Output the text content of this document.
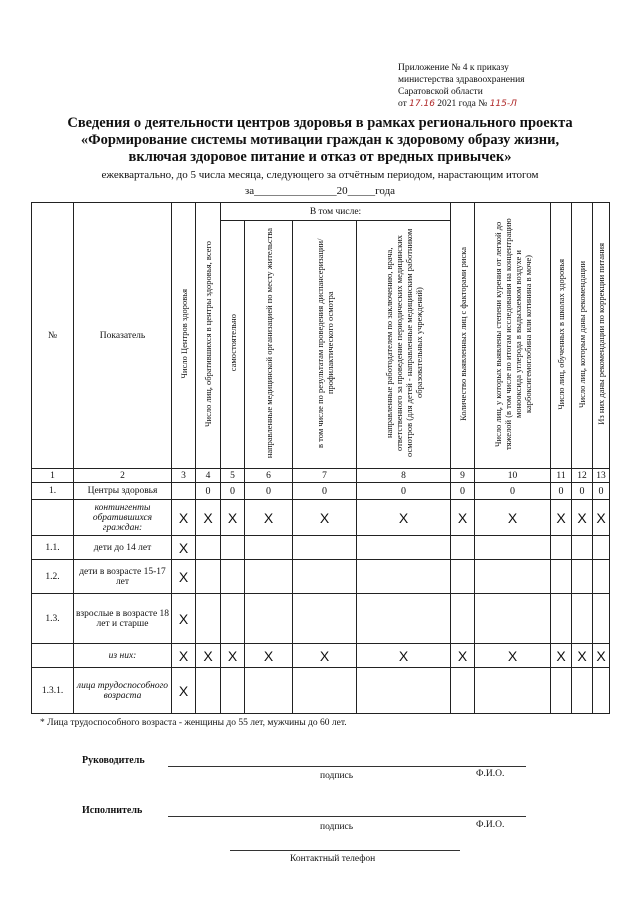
Приложение № 4 к приказу
министерства здравоохранения
Саратовской области
от 17.16 2021 года № 115-Л
Сведения о деятельности центров здоровья в рамках регионального проекта
«Формирование системы мотивации граждан к здоровому образу жизни,
включая здоровое питание и отказ от вредных привычек»
ежеквартально, до 5 числа месяца, следующего за отчётным периодом, нарастающим итогом
за_______________20_____года
№	Показатель	Число Центров здоровья	Число лиц, обратившихся в центры здоровья, всего	В том числе:				Количество выявленных лиц с факторами риска	Число лиц, у которых выявлены степени курения от легкой до тяжелой (в том числе по итогам исследования на концентрацию монооксида углерода в выдыхаемом воздухе и карбоксигемоглобина или котинина в моче)	Число лиц, обученных в школах здоровья	Число лиц, которым даны рекомендации	Из них даны рекомендации по коррекции питания
				самостоятельно	направленные медицинской организацией по месту жительства	в том числе по результатам проведения диспансеризации/ профилактического осмотра	направленные работодателем по заключению, врача, ответственного за проведение периодических медицинских осмотров (для детей - направленные медицинским работником образовательных учреждений)					
1	2	3	4	5	6	7	8	9	10	11	12	13
1.	Центры здоровья		0	0	0	0	0	0	0	0	0	0
	контингенты обратившихся граждан:	X	X	X	X	X	X	X	X	X	X	X
1.1.	дети до 14 лет	X										
1.2.	дети в возрасте 15-17 лет	X										
1.3.	взрослые в возрасте 18 лет и старше	X										
	из них:	X	X	X	X	X	X	X	X	X	X	X
1.3.1.	лица трудоспособного возраста	X										
* Лица трудоспособного возраста - женщины до 55 лет, мужчины до 60 лет.
Руководитель
подпись	Ф.И.О.
Исполнитель
подпись	Ф.И.О.
Контактный телефон
